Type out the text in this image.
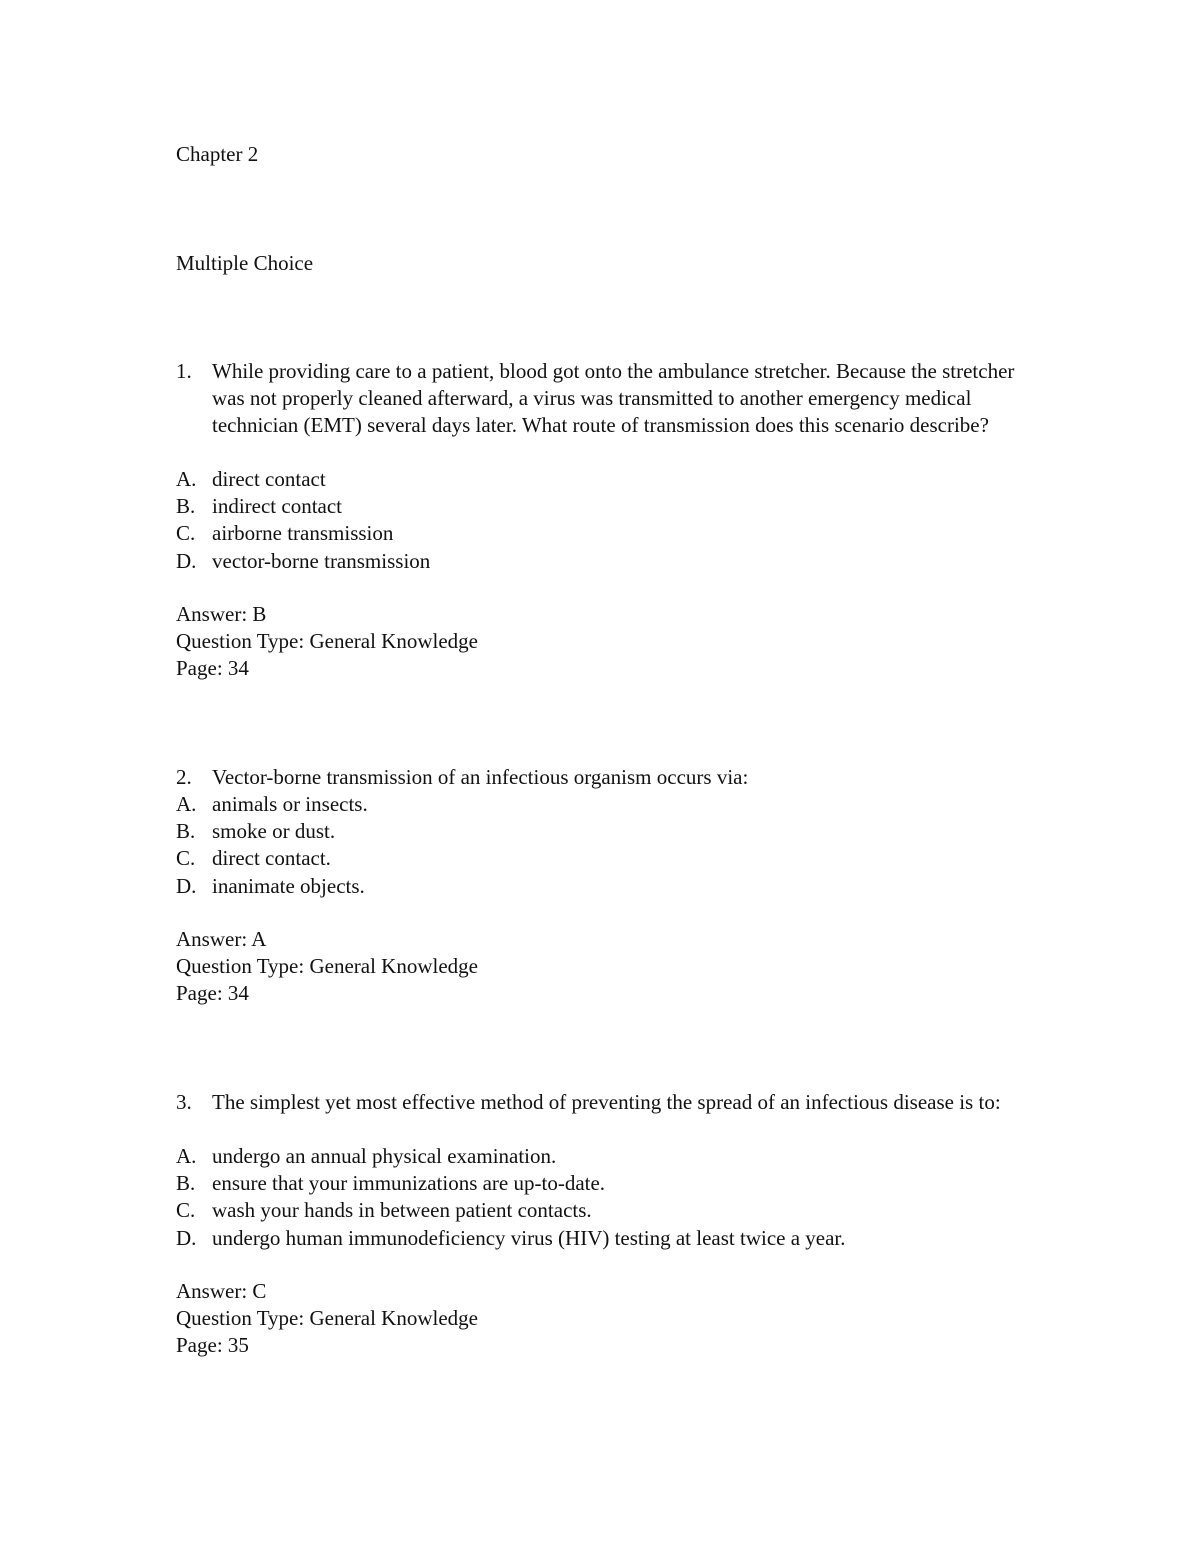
Chapter 2
Multiple Choice
1. While providing care to a patient, blood got onto the ambulance stretcher. Because the stretcher was not properly cleaned afterward, a virus was transmitted to another emergency medical technician (EMT) several days later. What route of transmission does this scenario describe?
A. direct contact
B. indirect contact
C. airborne transmission
D. vector-borne transmission
Answer: B
Question Type: General Knowledge
Page: 34
2. Vector-borne transmission of an infectious organism occurs via:
A. animals or insects.
B. smoke or dust.
C. direct contact.
D. inanimate objects.
Answer: A
Question Type: General Knowledge
Page: 34
3. The simplest yet most effective method of preventing the spread of an infectious disease is to:
A. undergo an annual physical examination.
B. ensure that your immunizations are up-to-date.
C. wash your hands in between patient contacts.
D. undergo human immunodeficiency virus (HIV) testing at least twice a year.
Answer: C
Question Type: General Knowledge
Page: 35
